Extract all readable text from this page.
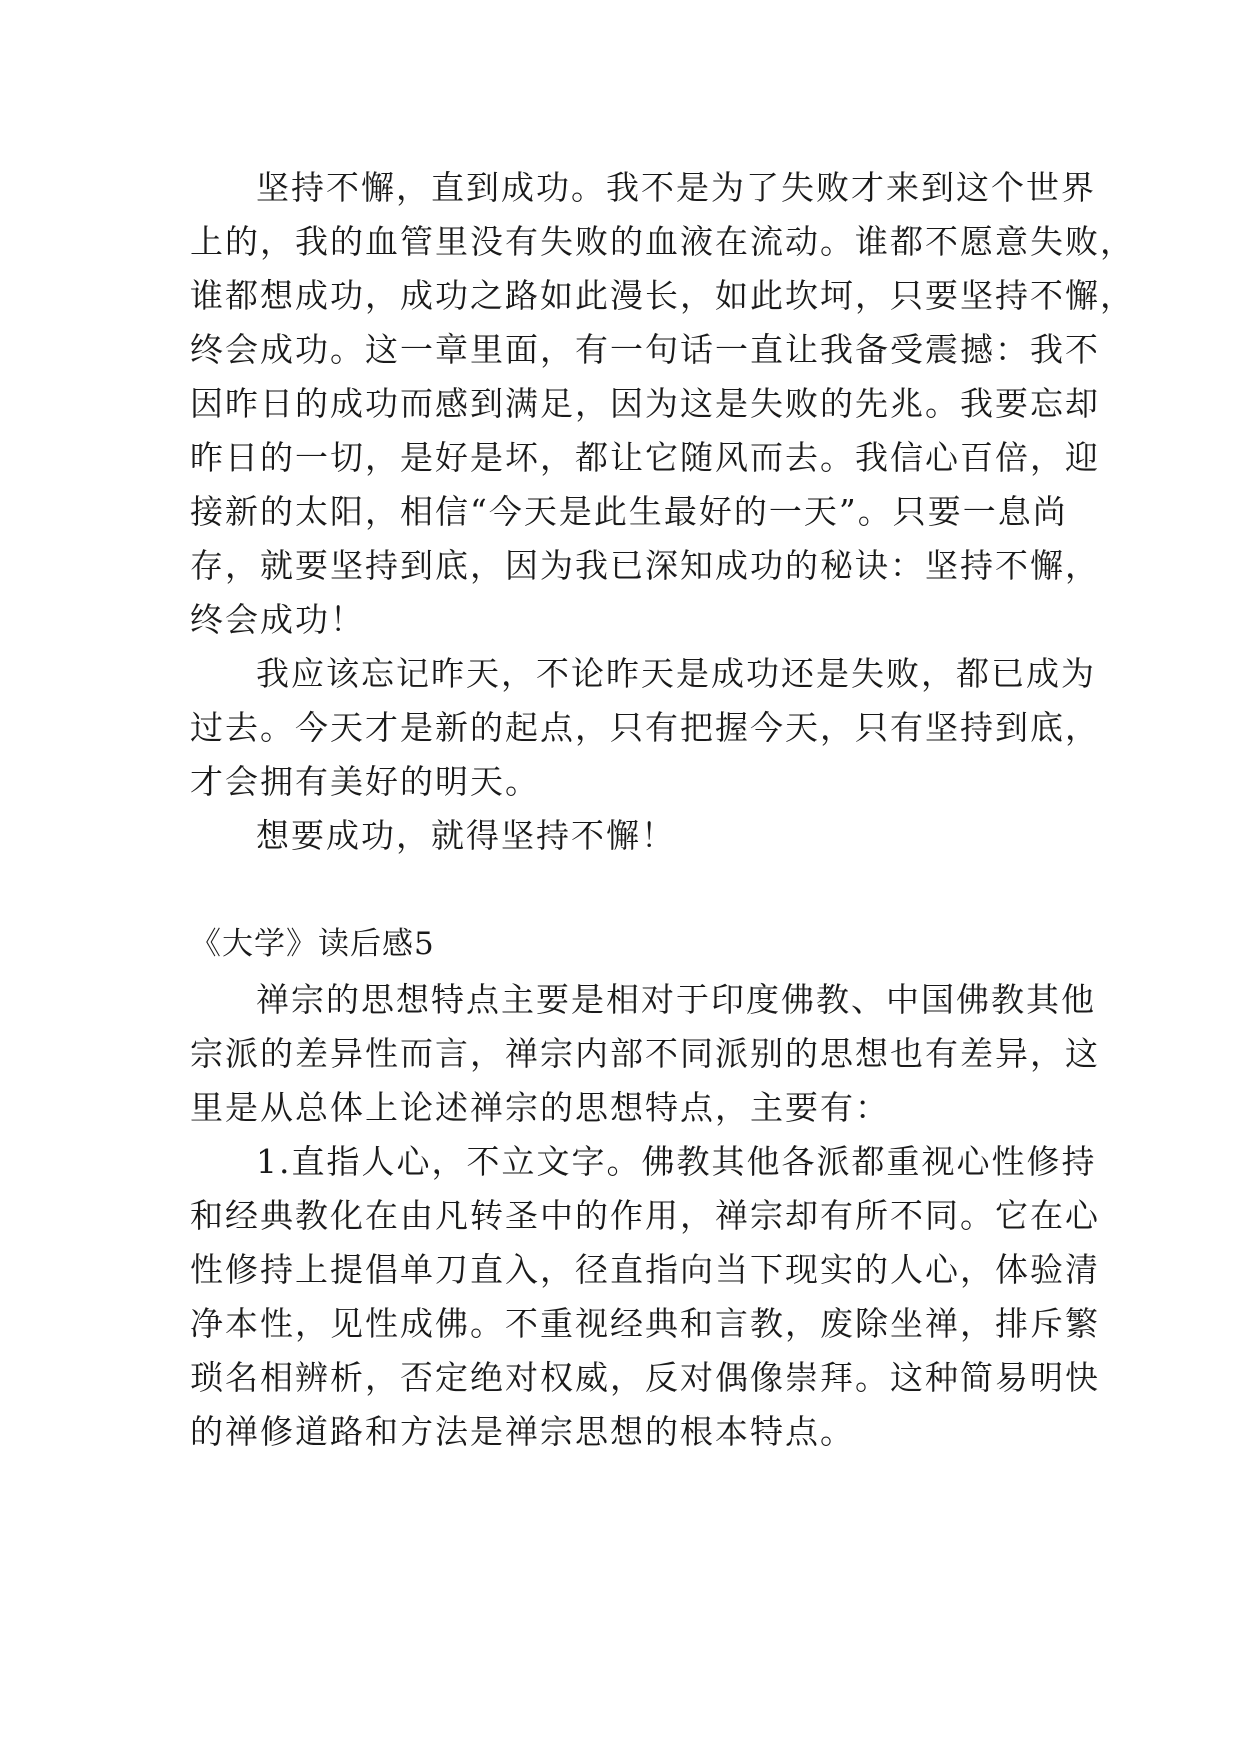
坚持不懈，直到成功。我不是为了失败才来到这个世界
上的，我的血管里没有失败的血液在流动。谁都不愿意失败，
谁都想成功，成功之路如此漫长，如此坎坷，只要坚持不懈，
终会成功。这一章里面，有一句话一直让我备受震撼：我不
因昨日的成功而感到满足，因为这是失败的先兆。我要忘却
昨日的一切，是好是坏，都让它随风而去。我信心百倍，迎
接新的太阳，相信“今天是此生最好的一天”。只要一息尚
存，就要坚持到底，因为我已深知成功的秘诀：坚持不懈，
终会成功！
我应该忘记昨天，不论昨天是成功还是失败，都已成为
过去。今天才是新的起点，只有把握今天，只有坚持到底，
才会拥有美好的明天。
想要成功，就得坚持不懈！
《大学》读后感5
禅宗的思想特点主要是相对于印度佛教、中国佛教其他
宗派的差异性而言，禅宗内部不同派别的思想也有差异，这
里是从总体上论述禅宗的思想特点，主要有：
1.直指人心，不立文字。佛教其他各派都重视心性修持
和经典教化在由凡转圣中的作用，禅宗却有所不同。它在心
性修持上提倡单刀直入，径直指向当下现实的人心，体验清
净本性，见性成佛。不重视经典和言教，废除坐禅，排斥繁
琐名相辨析，否定绝对权威，反对偶像崇拜。这种简易明快
的禅修道路和方法是禅宗思想的根本特点。
